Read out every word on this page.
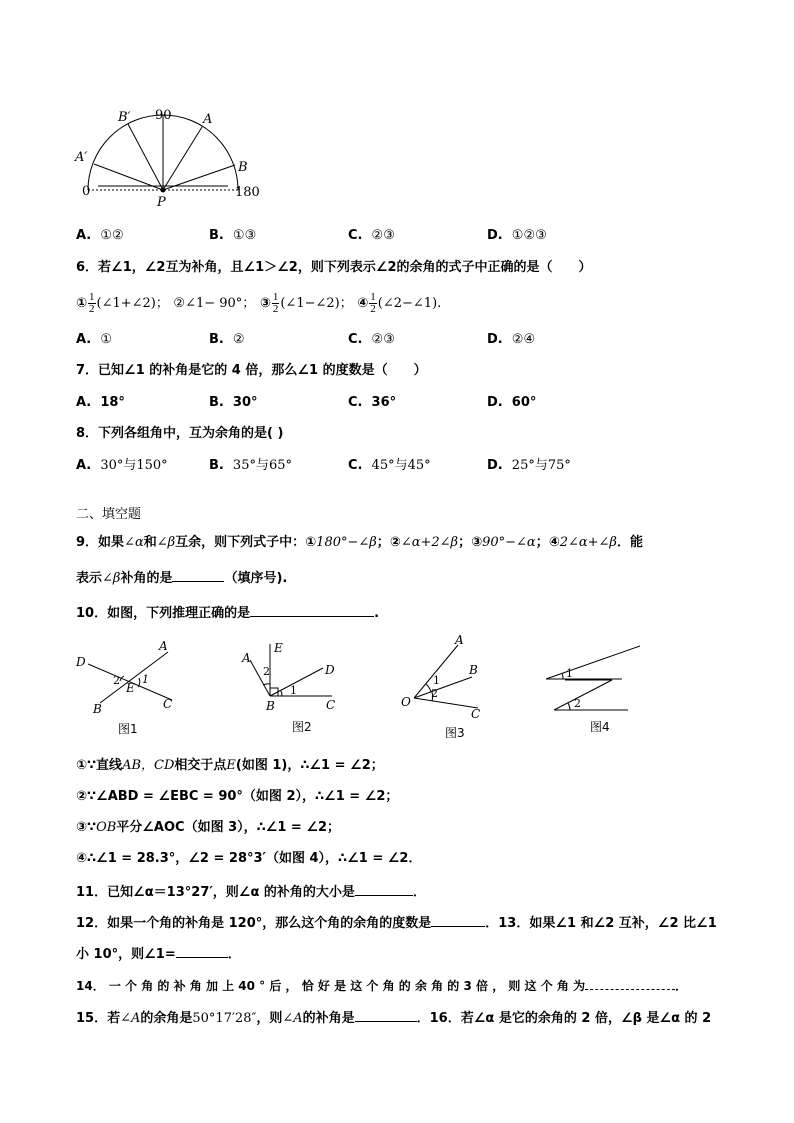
90
B′	A
A′
B
0	180
P
A. ①②	B. ①③	C. ②③	D. ①②③
6．若∠1，∠2互为补角，且∠1＞∠2，则下列表示∠2的余角的式子中正确的是（　　）
① $\frac{1}{2}$ (∠1+∠2)； ②∠1− 90°； ③ $\frac{1}{2}$ (∠1−∠2)； ④ $\frac{1}{2}$ (∠2−∠1).
A. ①	B. ②	C. ②③	D. ②④
7．已知∠1 的补角是它的 4 倍，那么∠1 的度数是（　　）
A. 18°	B. 30°	C. 36°	D. 60°
8．下列各组角中，互为余角的是( )
A. 30°与150°	B. 35°与65°	C. 45°与45°	D. 25°与75°
二、填空题
9．如果∠α和∠β互余，则下列式子中：①180°−∠β；②∠α+2∠β；③90°−∠α；④2∠α+∠β．能
表示∠β补角的是	（填序号).
10．如图，下列推理正确的是	.
A
D
2 1
E
B	C
图1
E
A
2	D
1
B	C
图2
A
B
1
2
O
C
图3
1
2
图4
①∵直线AB，CD相交于点E(如图 1)，∴∠1 = ∠2；
②∵∠ABD = ∠EBC = 90°（如图 2），∴∠1 = ∠2；
③∵OB平分∠AOC（如图 3），∴∠1 = ∠2；
④∴∠1 = 28.3°，∠2 = 28°3′（如图 4），∴∠1 = ∠2．
11．已知∠α＝13°27′，则∠α 的补角的大小是	．
12．如果一个角的补角是 120°，那么这个角的余角的度数是	．13．如果∠1 和∠2 互补，∠2 比∠1
小 10°，则∠1=	．
14． 一 个 角 的 补 角 加 上 40 ° 后 ， 恰 好 是 这 个 角 的 余 角 的 3 倍 ， 则 这 个 角 为	．
15．若∠A的余角是50°17′28″，则∠A的补角是	．16．若∠α 是它的余角的 2 倍，∠β 是∠α 的 2
